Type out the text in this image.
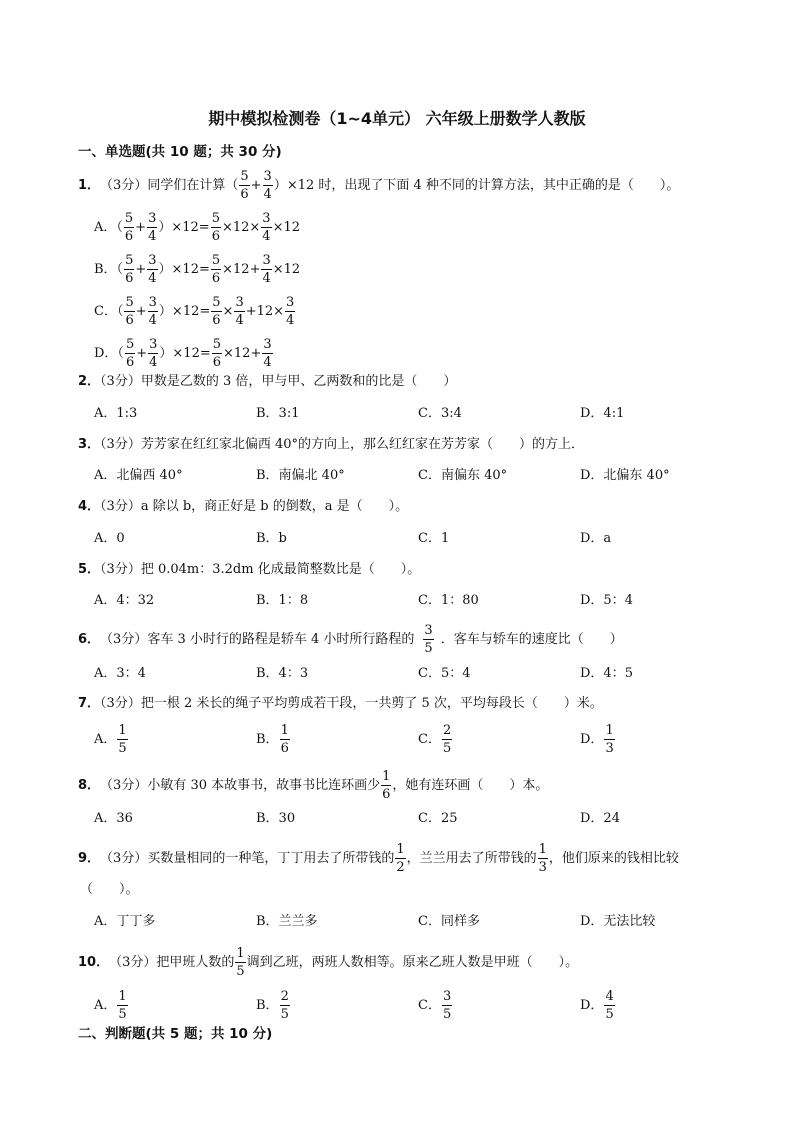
期中模拟检测卷（1~4单元） 六年级上册数学人教版
一、单选题(共 10 题；共 30 分)
1． （3分） 同学们在计算（ $\frac{5}{6} + \frac{3}{4} )\times 12$ 时，出现了下面 4 种不同的计算方法，其中正确的是（　　）。
A．（ $\frac{5}{6} + \frac{3}{4} )\times 12= \frac{5}{6} \times 12\times \frac{3}{4} \times 12$
B．（ $\frac{5}{6} + \frac{3}{4} )\times 12= \frac{5}{6} \times 12+ \frac{3}{4} \times 12$
C．（ $\frac{5}{6} + \frac{3}{4} )\times 12= \frac{5}{6} \times \frac{3}{4} +12\times \frac{3}{4}$
D．（ $\frac{5}{6} + \frac{3}{4} )\times 12= \frac{5}{6} \times 12+ \frac{3}{4}$
2．（3分）甲数是乙数的 3 倍，甲与甲、乙两数和的比是（　　）
A．1:3	B．3:1	C．3:4	D．4:1
3．（3分）芳芳家在红红家北偏西 40°的方向上，那么红红家在芳芳家（　　）的方上．
A．北偏西 40°	B．南偏北 40°	C．南偏东 40°	D．北偏东 40°
4．（3分）a 除以 b，商正好是 b 的倒数，a 是（　　）。
A．0	B．b	C．1	D．a
5．（3分）把 0.04m：3.2dm 化成最简整数比是（　　）。
A．4：32	B．1：8	C．1：80	D．5：4
6． （3分） 客车 3 小时行的路程是轿车 4 小时所行路程的 $\frac{3}{5}$ ．客车与轿车的速度比（　　）
A．3：4	B．4：3	C．5：4	D．4：5
7．（3分）把一根 2 米长的绳子平均剪成若干段，一共剪了 5 次，平均每段长（　　）米。
A． $\frac{1}{5}$	B． $\frac{1}{6}$	C． $\frac{2}{5}$	D． $\frac{1}{3}$
8． （3分） 小敏有 30 本故事书，故事书比连环画少 $\frac{1}{6}$ ，她有连环画（　　）本。
A．36	B．30	C．25	D．24
9． （3分） 买数量相同的一种笔，丁丁用去了所带钱的 $\frac{1}{2}$ ，兰兰用去了所带钱的 $\frac{1}{3}$ ，他们原来的钱相比较
（　　）。
A．丁丁多	B．兰兰多	C．同样多	D．无法比较
10． （3分） 把甲班人数的 $\frac{1}{5}$ 调到乙班，两班人数相等。原来乙班人数是甲班（　　）。
A． $\frac{1}{5}$	B． $\frac{2}{5}$	C． $\frac{3}{5}$	D． $\frac{4}{5}$
二、判断题(共 5 题；共 10 分)
